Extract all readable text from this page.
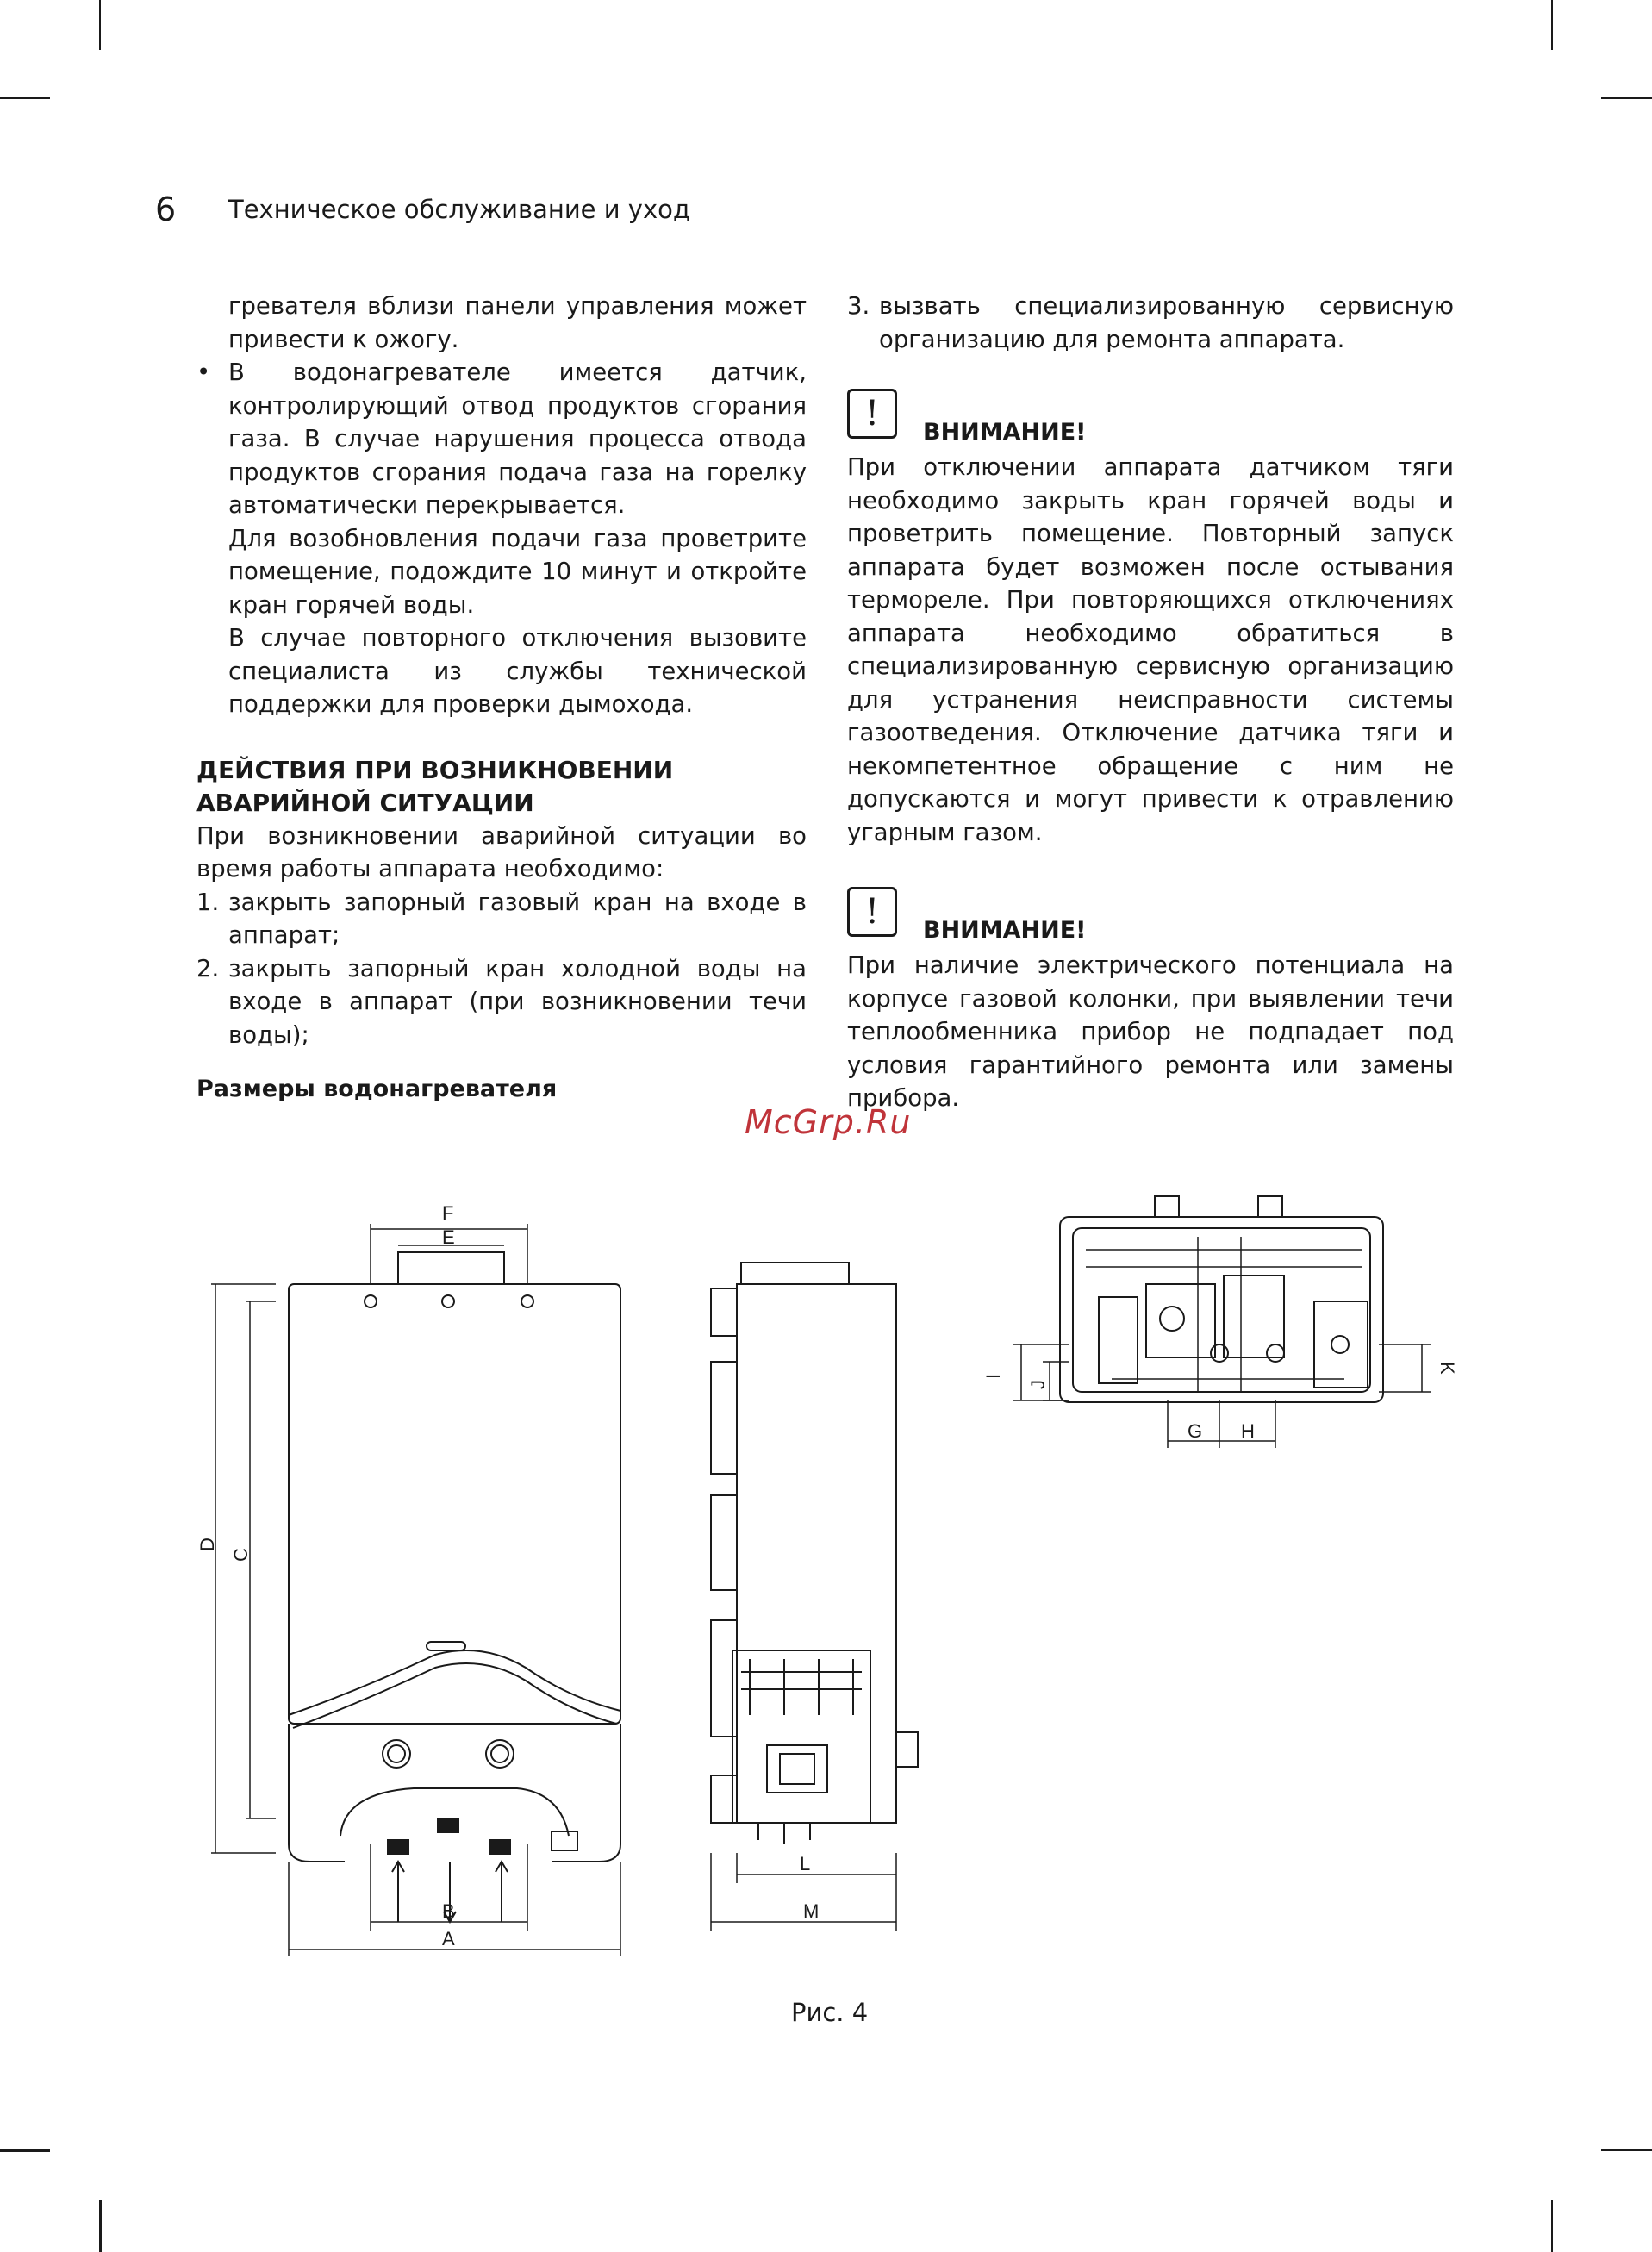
6	Техническое обслуживание и уход

гревателя вблизи панели управления может привести к ожогу.

• В водонагревателе имеется датчик, контролирующий отвод продуктов сгорания газа. В случае нарушения процесса отвода продуктов сгорания подача газа на горелку автоматически перекрывается.

Для возобновления подачи газа проветрите помещение, подождите 10 минут и откройте кран горячей воды.

В случае повторного отключения вызовите специалиста из службы технической поддержки для проверки дымохода.

ДЕЙСТВИЯ ПРИ ВОЗНИКНОВЕНИИ АВАРИЙНОЙ СИТУАЦИИ

При возникновении аварийной ситуации во время работы аппарата необходимо:

1. закрыть запорный газовый кран на входе в аппарат;
2. закрыть запорный кран холодной воды на входе в аппарат (при возникновении течи воды);
3. вызвать специализированную сервисную организацию для ремонта аппарата.
!	ВНИМАНИЕ!

При отключении аппарата датчиком тяги необходимо закрыть кран горячей воды и проветрить помещение. Повторный запуск аппарата будет возможен после остывания термореле. При повторяющихся отключениях аппарата необходимо обратиться в специализированную сервисную организацию для устранения неисправности системы газоотведения. Отключение датчика тяги и некомпетентное обращение с ним не допускаются и могут привести к отравлению угарным газом.

!	ВНИМАНИЕ!

При наличие электрического потенциала на корпусе газовой колонки, при выявлении течи теплообменника прибор не подпадает под условия гарантийного ремонта или замены прибора.

Размеры водонагревателя
McGrp.Ru
F
E
B
A
D
C
L
M
I
J
K
G H
Рис. 4
